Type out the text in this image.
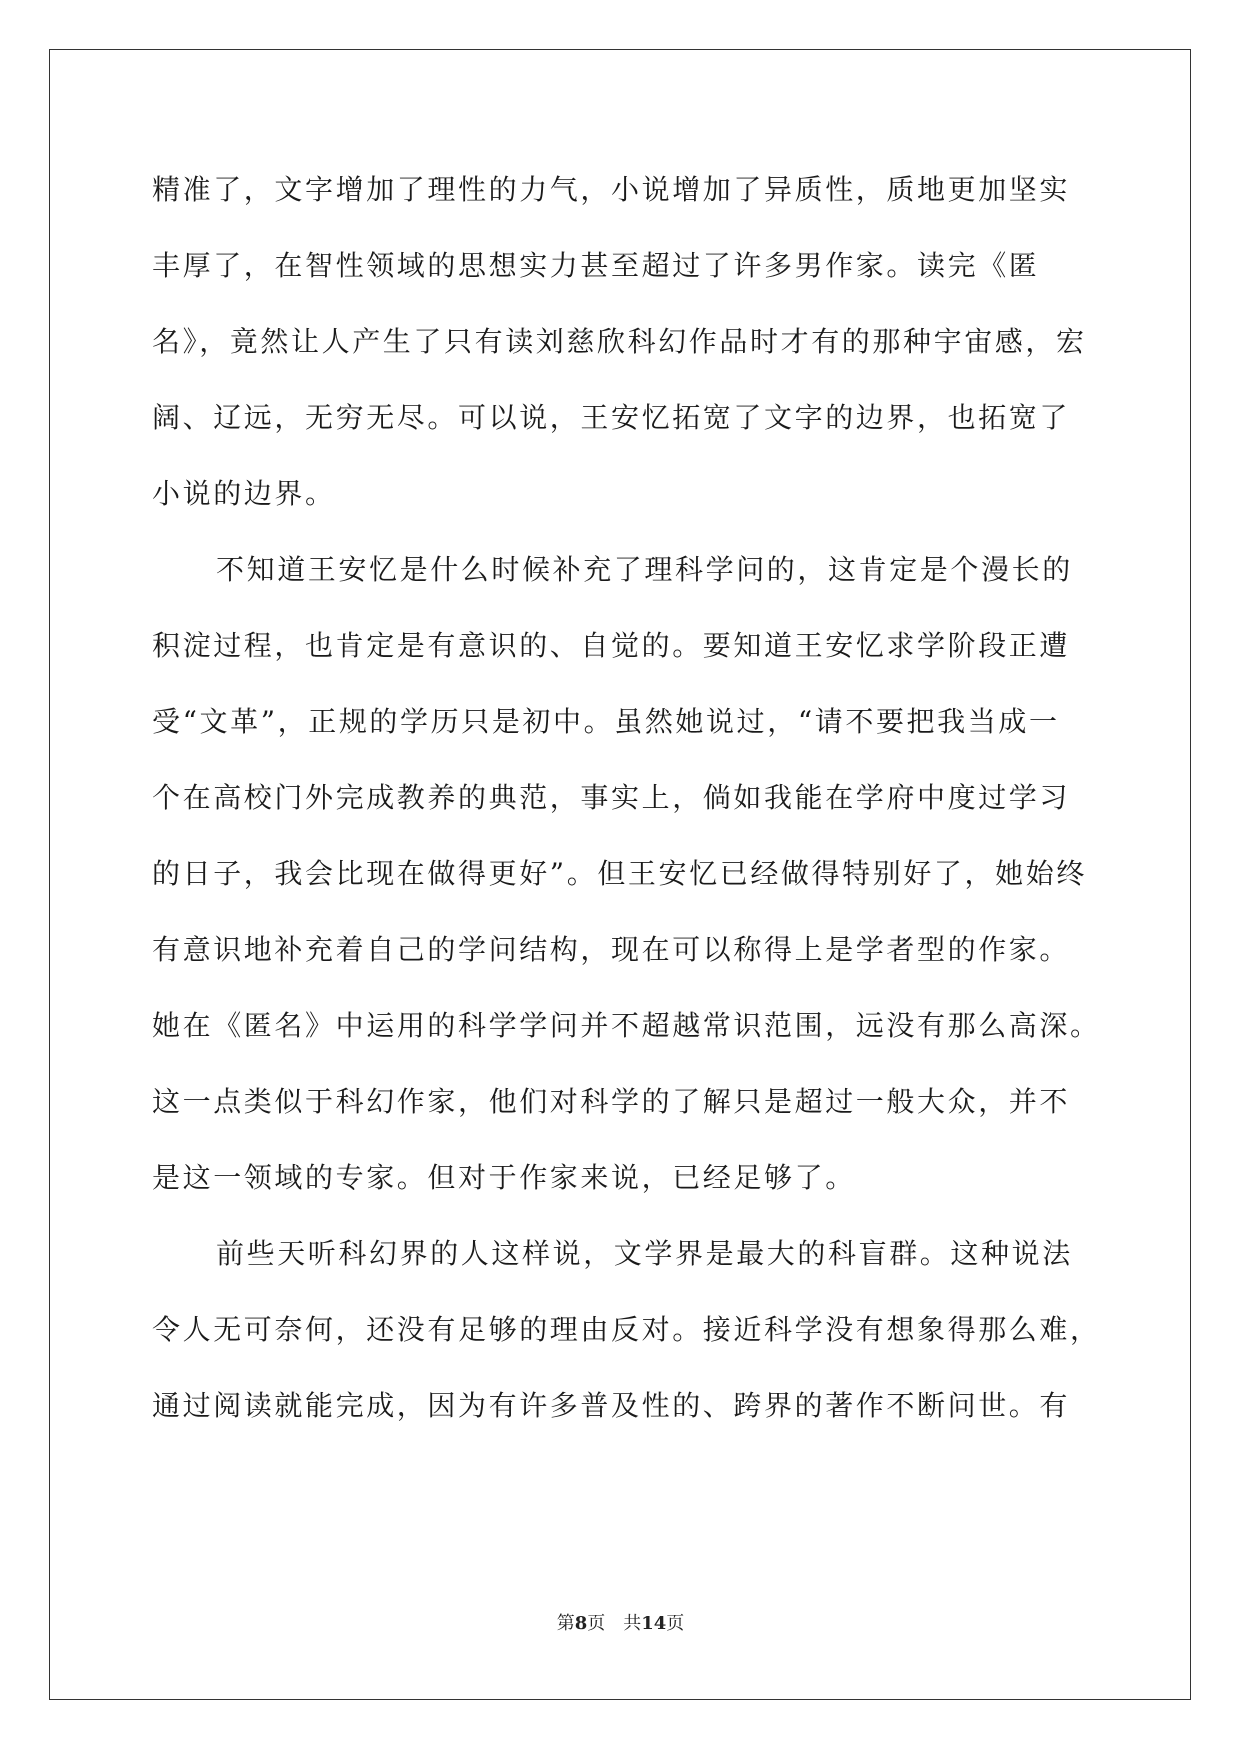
精准了，文字增加了理性的力气，小说增加了异质性，质地更加坚实
丰厚了，在智性领域的思想实力甚至超过了许多男作家。读完《匿
名》，竟然让人产生了只有读刘慈欣科幻作品时才有的那种宇宙感，宏
阔、辽远，无穷无尽。可以说，王安忆拓宽了文字的边界，也拓宽了
小说的边界。
不知道王安忆是什么时候补充了理科学问的，这肯定是个漫长的
积淀过程，也肯定是有意识的、自觉的。要知道王安忆求学阶段正遭
受“文革”，正规的学历只是初中。虽然她说过，“请不要把我当成一
个在高校门外完成教养的典范，事实上，倘如我能在学府中度过学习
的日子，我会比现在做得更好”。但王安忆已经做得特别好了，她始终
有意识地补充着自己的学问结构，现在可以称得上是学者型的作家。
她在《匿名》中运用的科学学问并不超越常识范围，远没有那么高深。
这一点类似于科幻作家，他们对科学的了解只是超过一般大众，并不
是这一领域的专家。但对于作家来说，已经足够了。
前些天听科幻界的人这样说，文学界是最大的科盲群。这种说法
令人无可奈何，还没有足够的理由反对。接近科学没有想象得那么难，
通过阅读就能完成，因为有许多普及性的、跨界的著作不断问世。有
第8页 共14页
